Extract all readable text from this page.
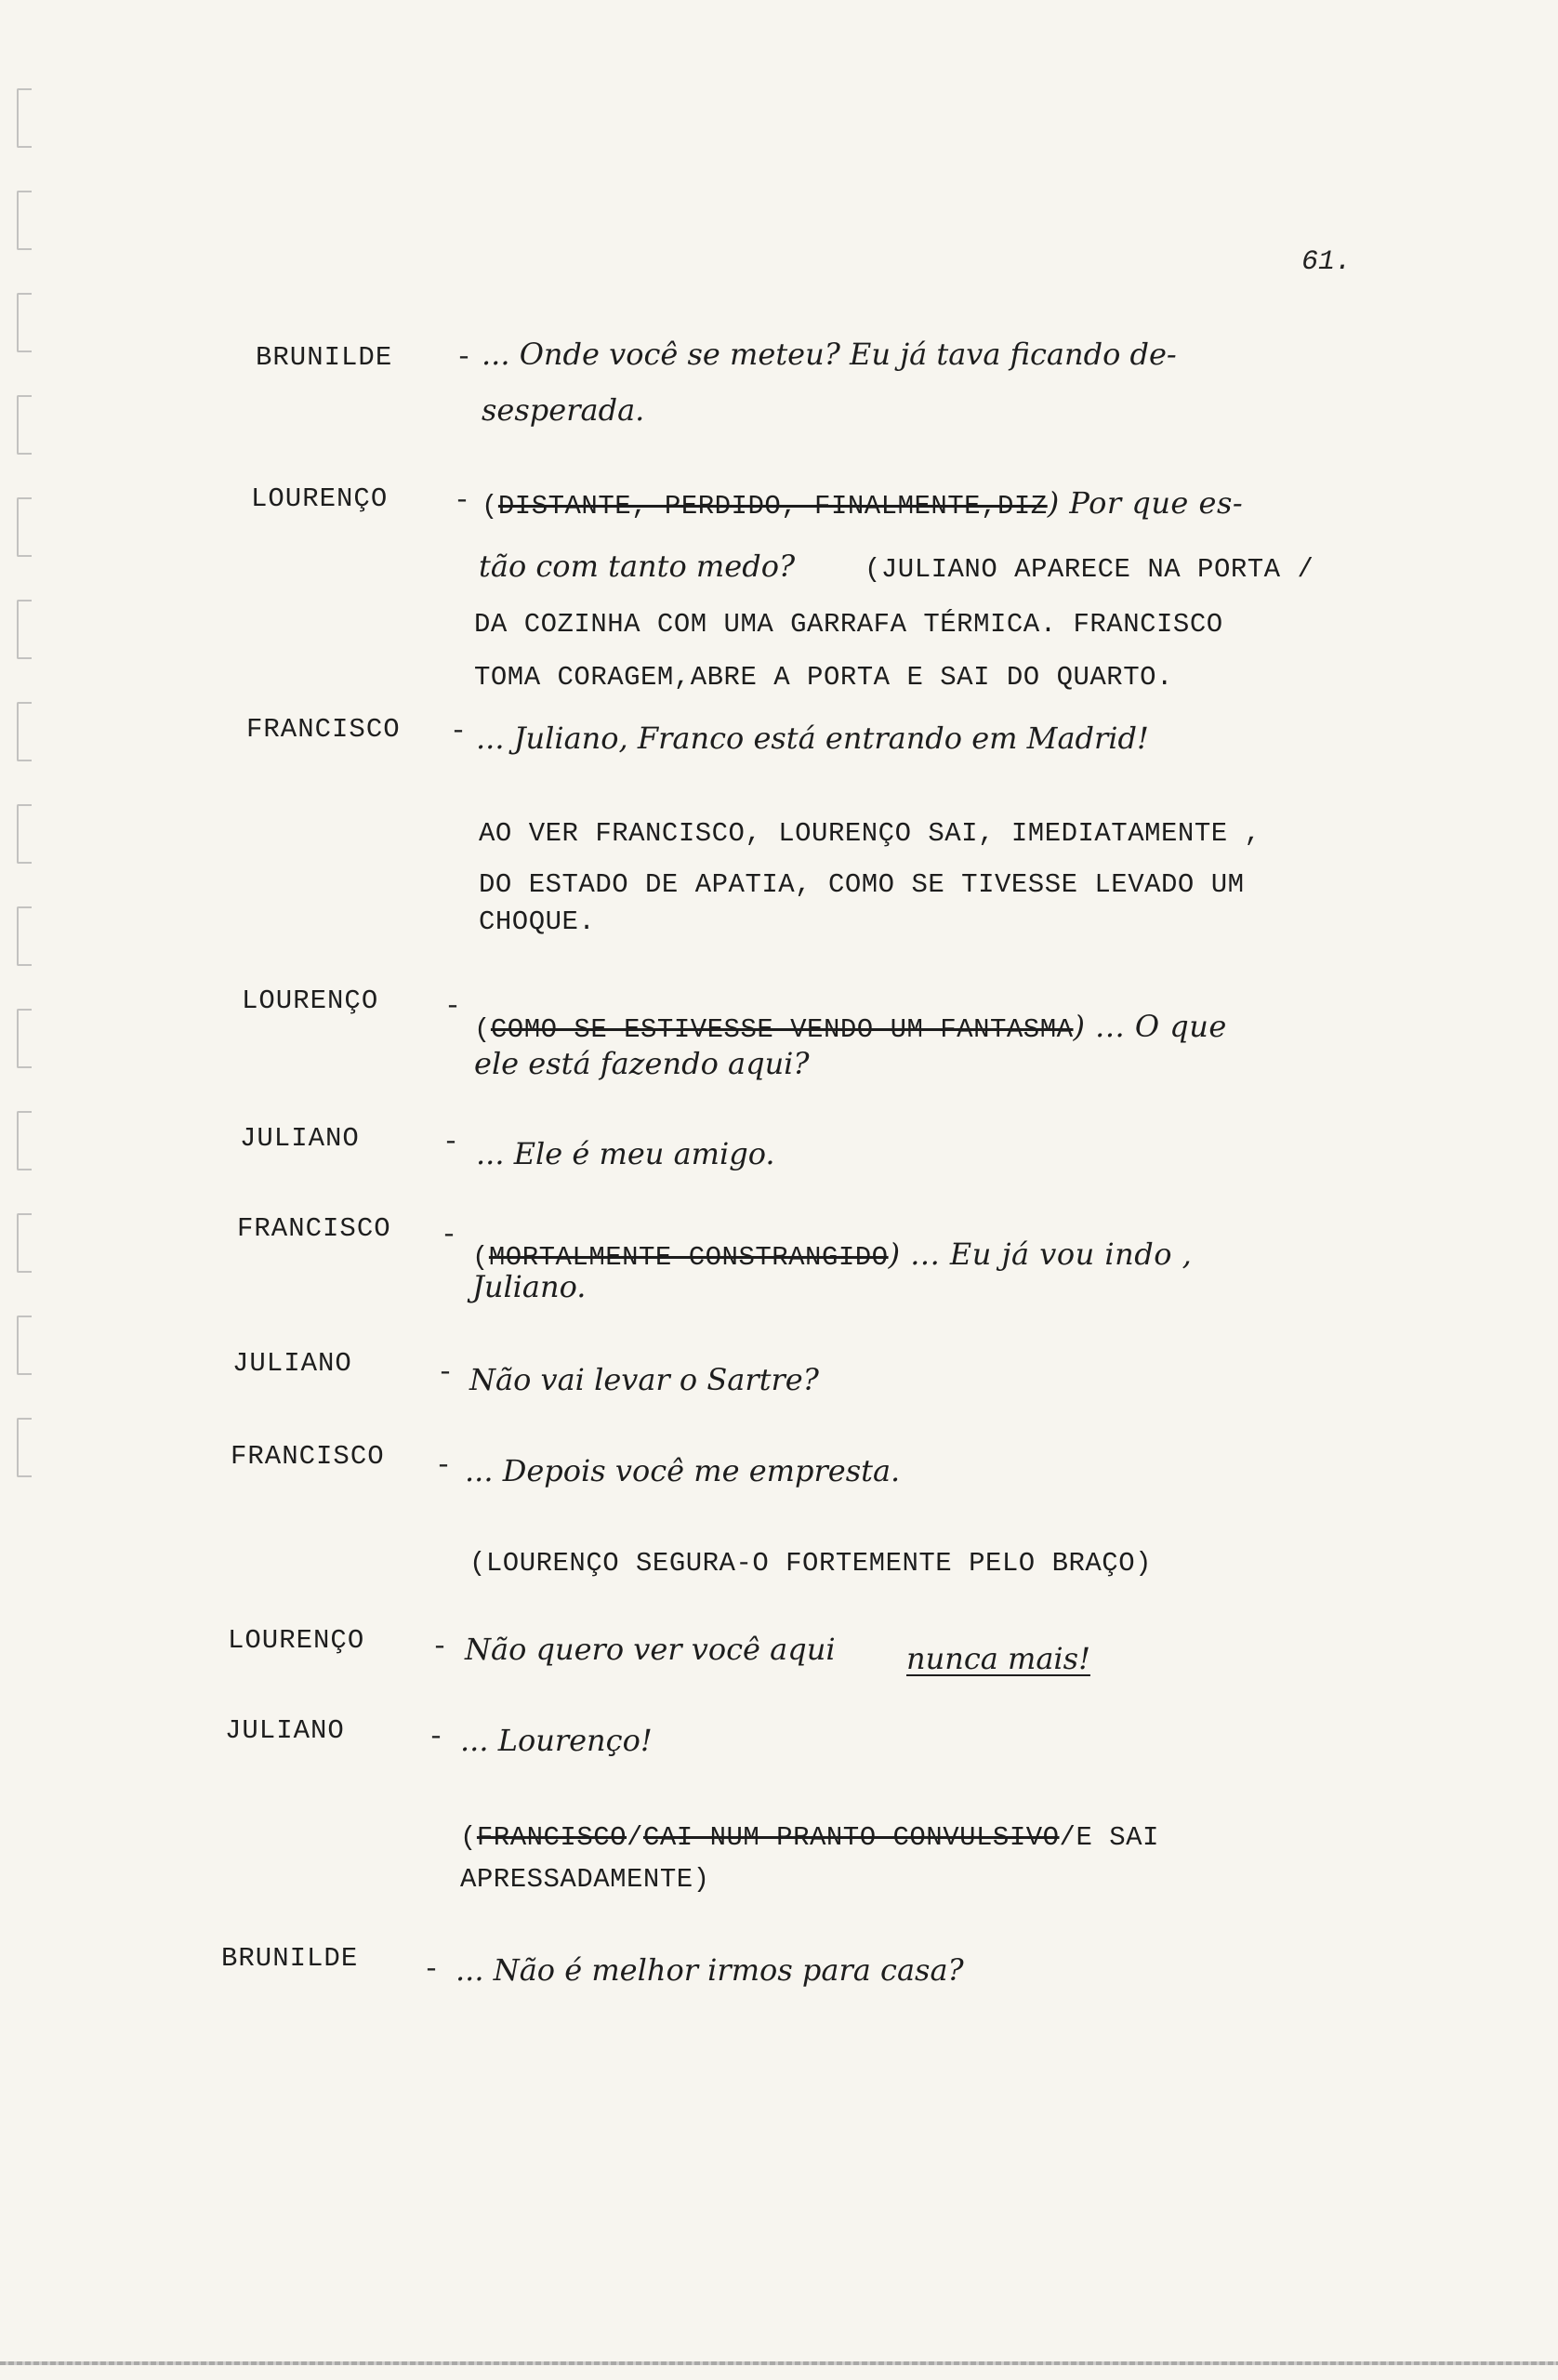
61.
BRUNILDE - ... Onde você se meteu? Eu já tava ficando de-
sesperada.
LOURENÇO - (DISTANTE, PERDIDO, FINALMENTE,DIZ) Por que es-
tão com tanto medo?	(JULIANO APARECE NA PORTA /
DA COZINHA COM UMA GARRAFA TÉRMICA. FRANCISCO
TOMA CORAGEM,ABRE A PORTA E SAI DO QUARTO.
FRANCISCO - ... Juliano, Franco está entrando em Madrid!
AO VER FRANCISCO, LOURENÇO SAI, IMEDIATAMENTE ,
DO ESTADO DE APATIA, COMO SE TIVESSE LEVADO UM
CHOQUE.
LOURENÇO -
(COMO SE ESTIVESSE VENDO UM FANTASMA) ... O que
ele está fazendo aqui?
JULIANO	- ... Ele é meu amigo.
FRANCISCO -
(MORTALMENTE CONSTRANGIDO) ... Eu já vou indo ,
Juliano.
JULIANO	- Não vai levar o Sartre?
FRANCISCO - ... Depois você me empresta.
(LOURENÇO SEGURA-O FORTEMENTE PELO BRAÇO)
LOURENÇO - Não quero ver você aqui nunca mais!
JULIANO	- ... Lourenço!
(FRANCISCO/CAI NUM PRANTO CONVULSIVO/E SAI
APRESSADAMENTE)
BRUNILDE - ... Não é melhor irmos para casa?
